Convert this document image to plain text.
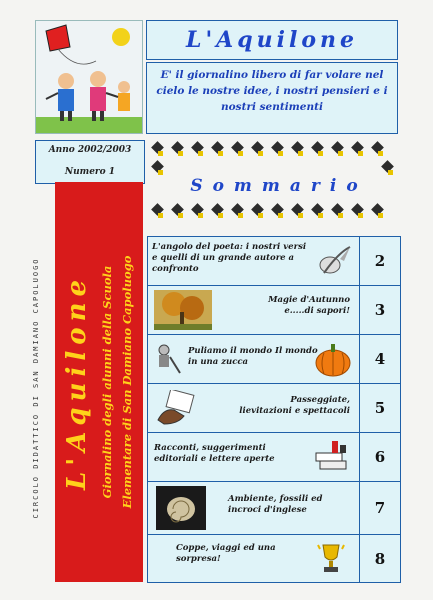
L'Aquilone
E' il giornalino libero di far volare nel cielo le nostre idee, i nostri pensieri e i nostri sentimenti
Anno 2002/2003
Numero 1
CIRCOLO DIDATTICO DI SAN DAMIANO CAPOLUOGO L'Aquilone Giornalino degli alunni della Scuola Elementare di San Damiano Capoluogo
Sommario
L'angolo del poeta: i nostri versi e quelli di un grande autore a confronto	2
Magie d'Autunno e.....di sapori!	3
Puliamo il mondo Il mondo in una zucca	4
Passeggiate, lievitazioni e spettacoli	5
Racconti, suggerimenti editoriali e lettere aperte	6
Ambiente, fossili ed incroci d'inglese	7
Coppe, viaggi ed una sorpresa!	8
